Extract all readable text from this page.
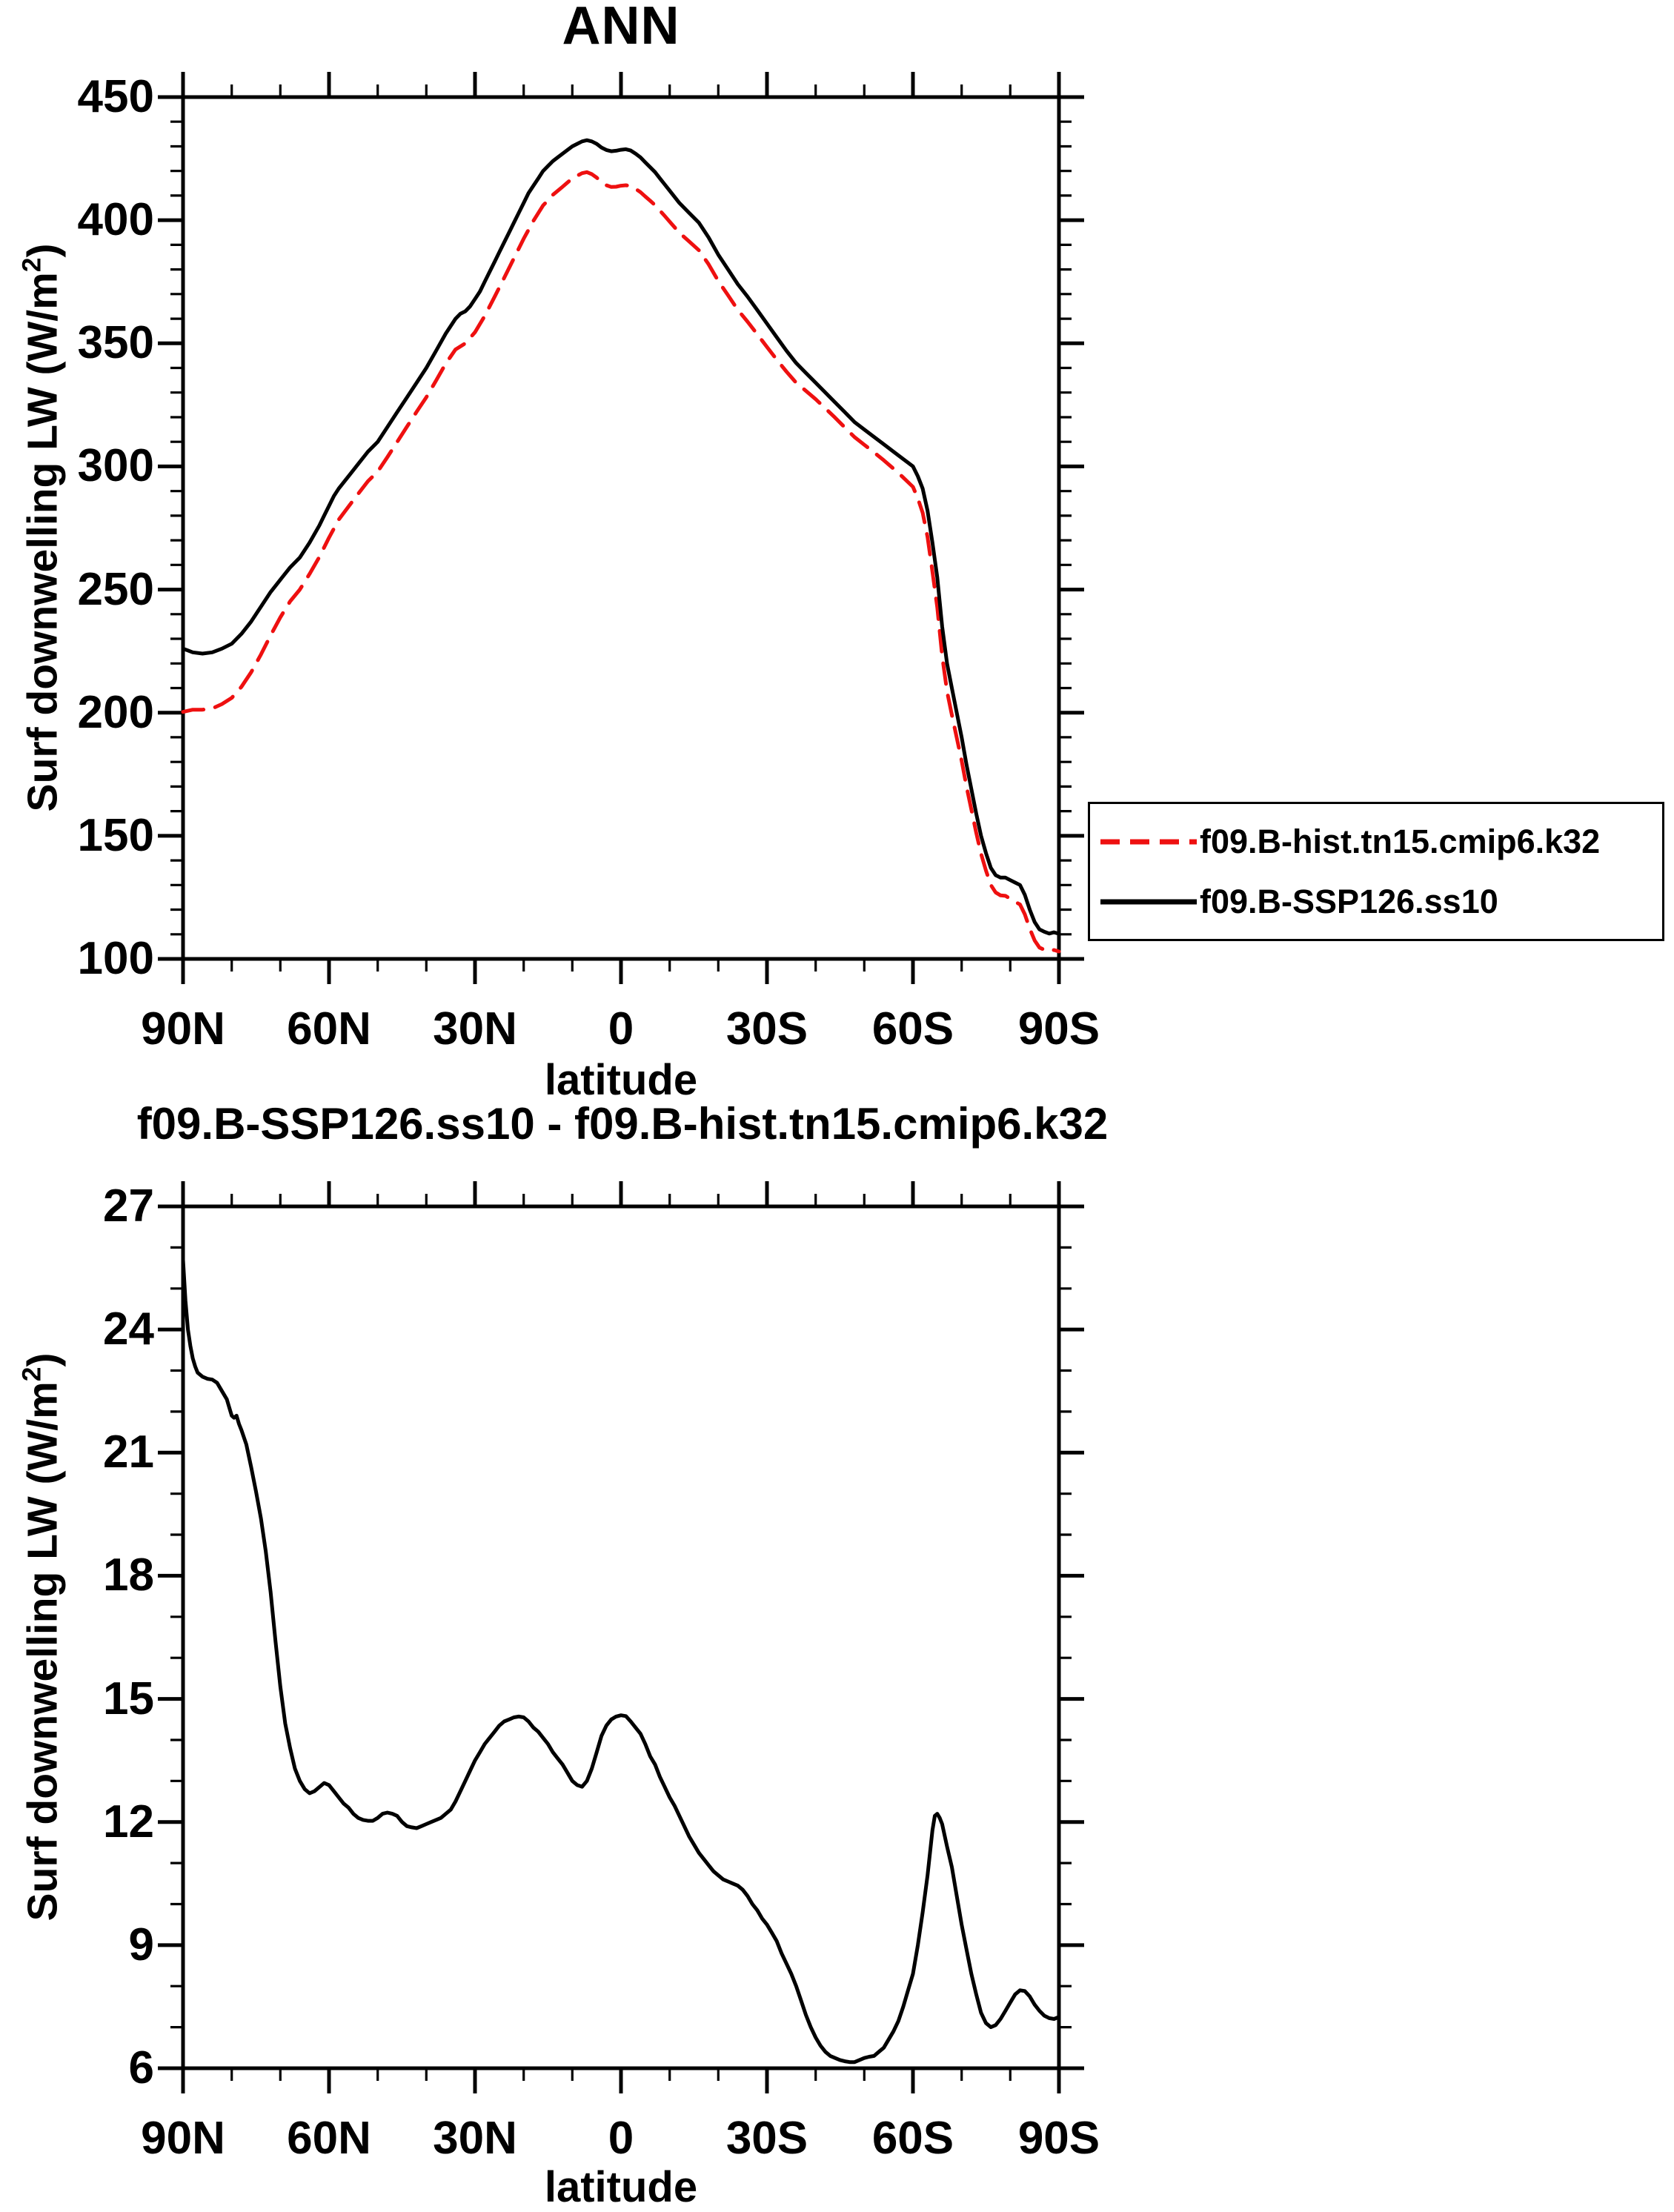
ANN
Surf downwelling LW $(W/m^2)$
latitude
f09.B-SSP126.ss10 - f09.B-hist.tn15.cmip6.k32
Surf downwelling LW $(W/m^2)$
latitude
f09.B-hist.tn15.cmip6.k32
f09.B-SSP126.ss10
450
400
350
300
250
200
150
100
90N	60N	30N	0	30S	60S	90S
27
24
21
18
15
12
9
6
90N	60N	30N	0	30S	60S	90S
